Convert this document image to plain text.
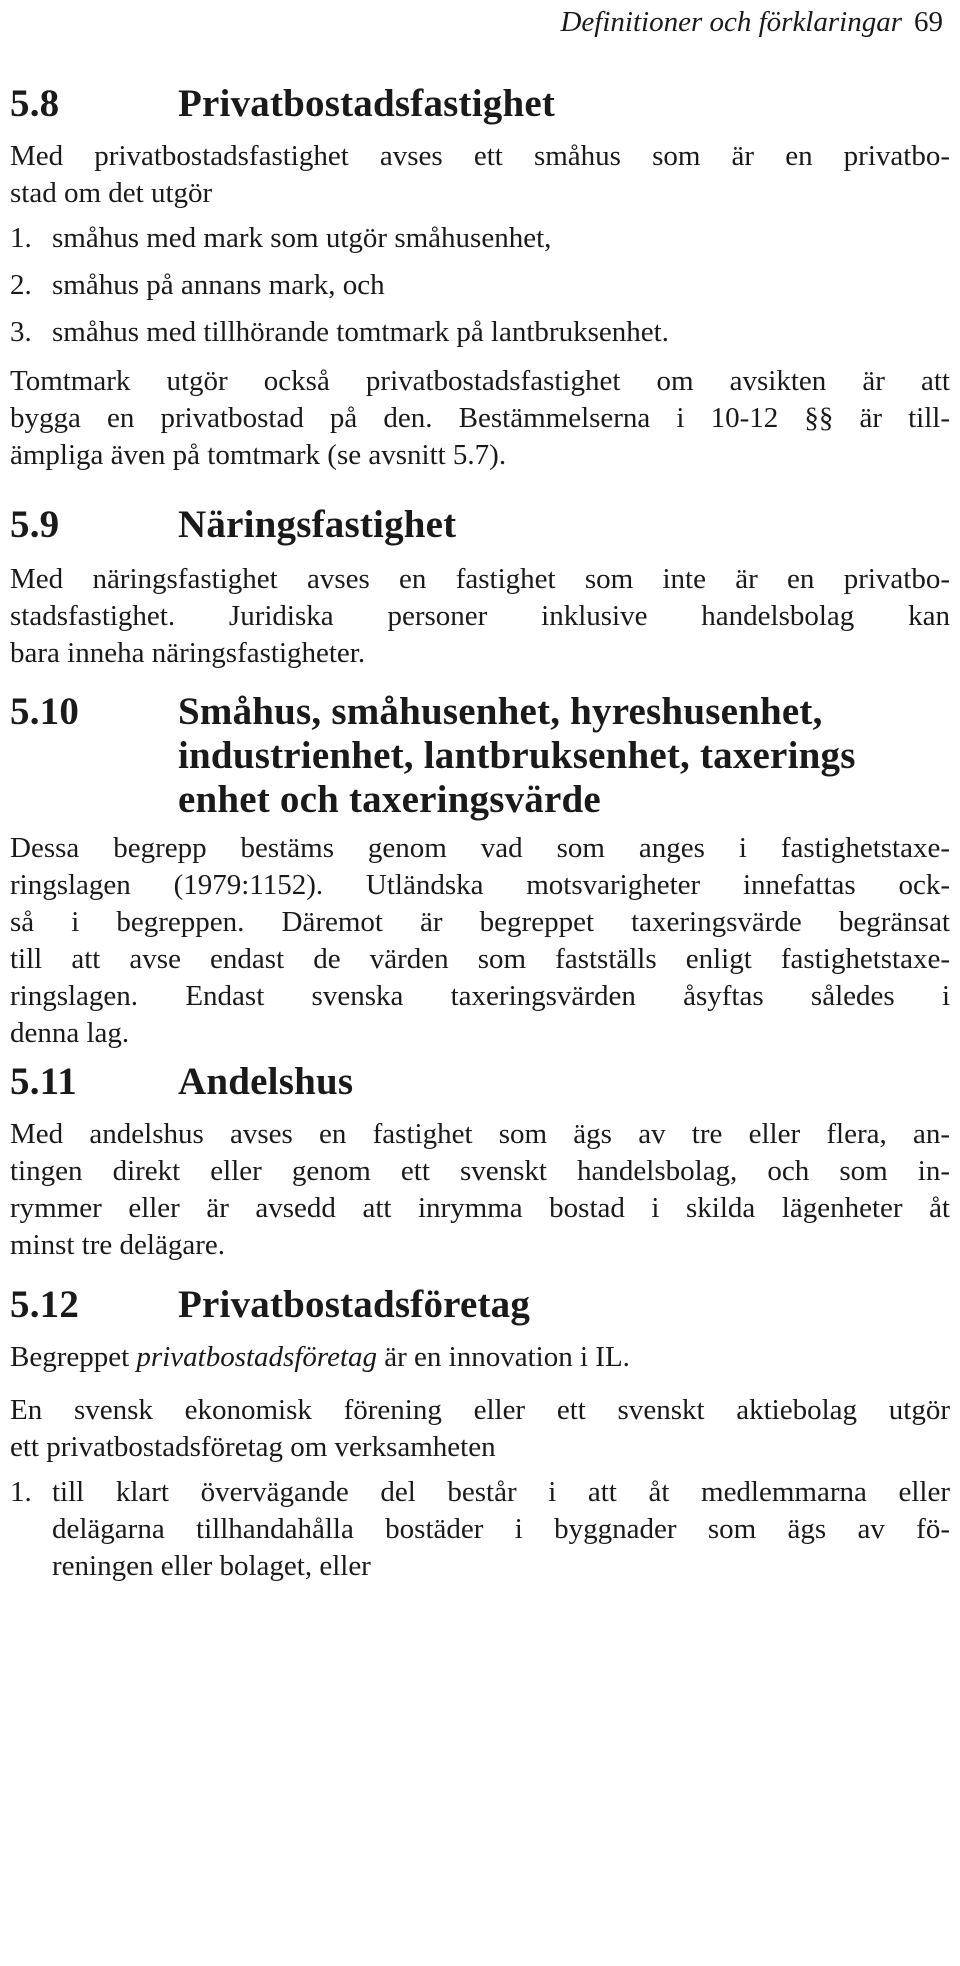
Definitioner och förklaringar 69
5.8	Privatbostadsfastighet
Med privatbostadsfastighet avses ett småhus som är en privatbo-
stad om det utgör
1. småhus med mark som utgör småhusenhet,
2. småhus på annans mark, och
3. småhus med tillhörande tomtmark på lantbruksenhet.
Tomtmark utgör också privatbostadsfastighet om avsikten är att
bygga en privatbostad på den. Bestämmelserna i 10-12 §§ är till-
ämpliga även på tomtmark (se avsnitt 5.7).
5.9	Näringsfastighet
Med näringsfastighet avses en fastighet som inte är en privatbo-
stadsfastighet. Juridiska personer inklusive handelsbolag kan
bara inneha näringsfastigheter.
5.10	Småhus, småhusenhet, hyreshusenhet,
industrienhet, lantbruksenhet, taxerings
enhet och taxeringsvärde
Dessa begrepp bestäms genom vad som anges i fastighetstaxe-
ringslagen (1979:1152). Utländska motsvarigheter innefattas ock-
så i begreppen. Däremot är begreppet taxeringsvärde begränsat
till att avse endast de värden som fastställs enligt fastighetstaxe-
ringslagen. Endast svenska taxeringsvärden åsyftas således i
denna lag.
5.11	Andelshus
Med andelshus avses en fastighet som ägs av tre eller flera, an-
tingen direkt eller genom ett svenskt handelsbolag, och som in-
rymmer eller är avsedd att inrymma bostad i skilda lägenheter åt
minst tre delägare.
5.12	Privatbostadsföretag
Begreppet privatbostadsföretag är en innovation i IL.
En svensk ekonomisk förening eller ett svenskt aktiebolag utgör
ett privatbostadsföretag om verksamheten
1. till klart övervägande del består i att åt medlemmarna eller
delägarna tillhandahålla bostäder i byggnader som ägs av fö-
reningen eller bolaget, eller
